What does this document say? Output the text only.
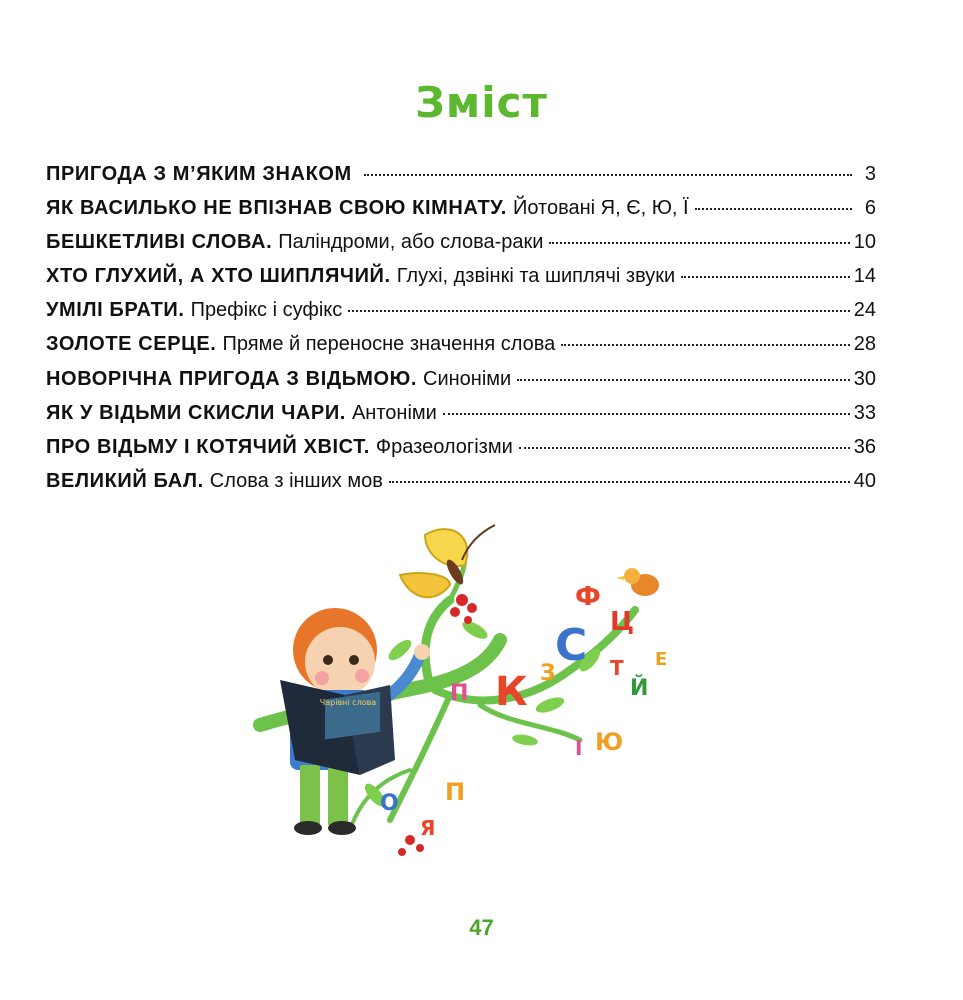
Зміст
ПРИГОДА З М’ЯКИМ ЗНАКОМ	3
ЯК ВАСИЛЬКО НЕ ВПІЗНАВ СВОЮ КІМНАТУ. Йотовані Я, Є, Ю, Ї	6
БЕШКЕТЛИВІ СЛОВА. Паліндроми, або слова-раки	10
ХТО ГЛУХИЙ, А ХТО ШИПЛЯЧИЙ. Глухі, дзвінкі та шиплячі звуки	14
УМІЛІ БРАТИ. Префікс і суфікс	24
ЗОЛОТЕ СЕРЦЕ. Пряме й переносне значення слова	28
НОВОРІЧНА ПРИГОДА З ВІДЬМОЮ. Синоніми	30
ЯК У ВІДЬМИ СКИСЛИ ЧАРИ. Антоніми	33
ПРО ВІДЬМУ І КОТЯЧИЙ ХВІСТ. Фразеологізми	36
ВЕЛИКИЙ БАЛ. Слова з інших мов	40
Чарівні слова
Ф
Ц
С
К З	Т
Й
Е
П
І Ю
О П
Я
47
